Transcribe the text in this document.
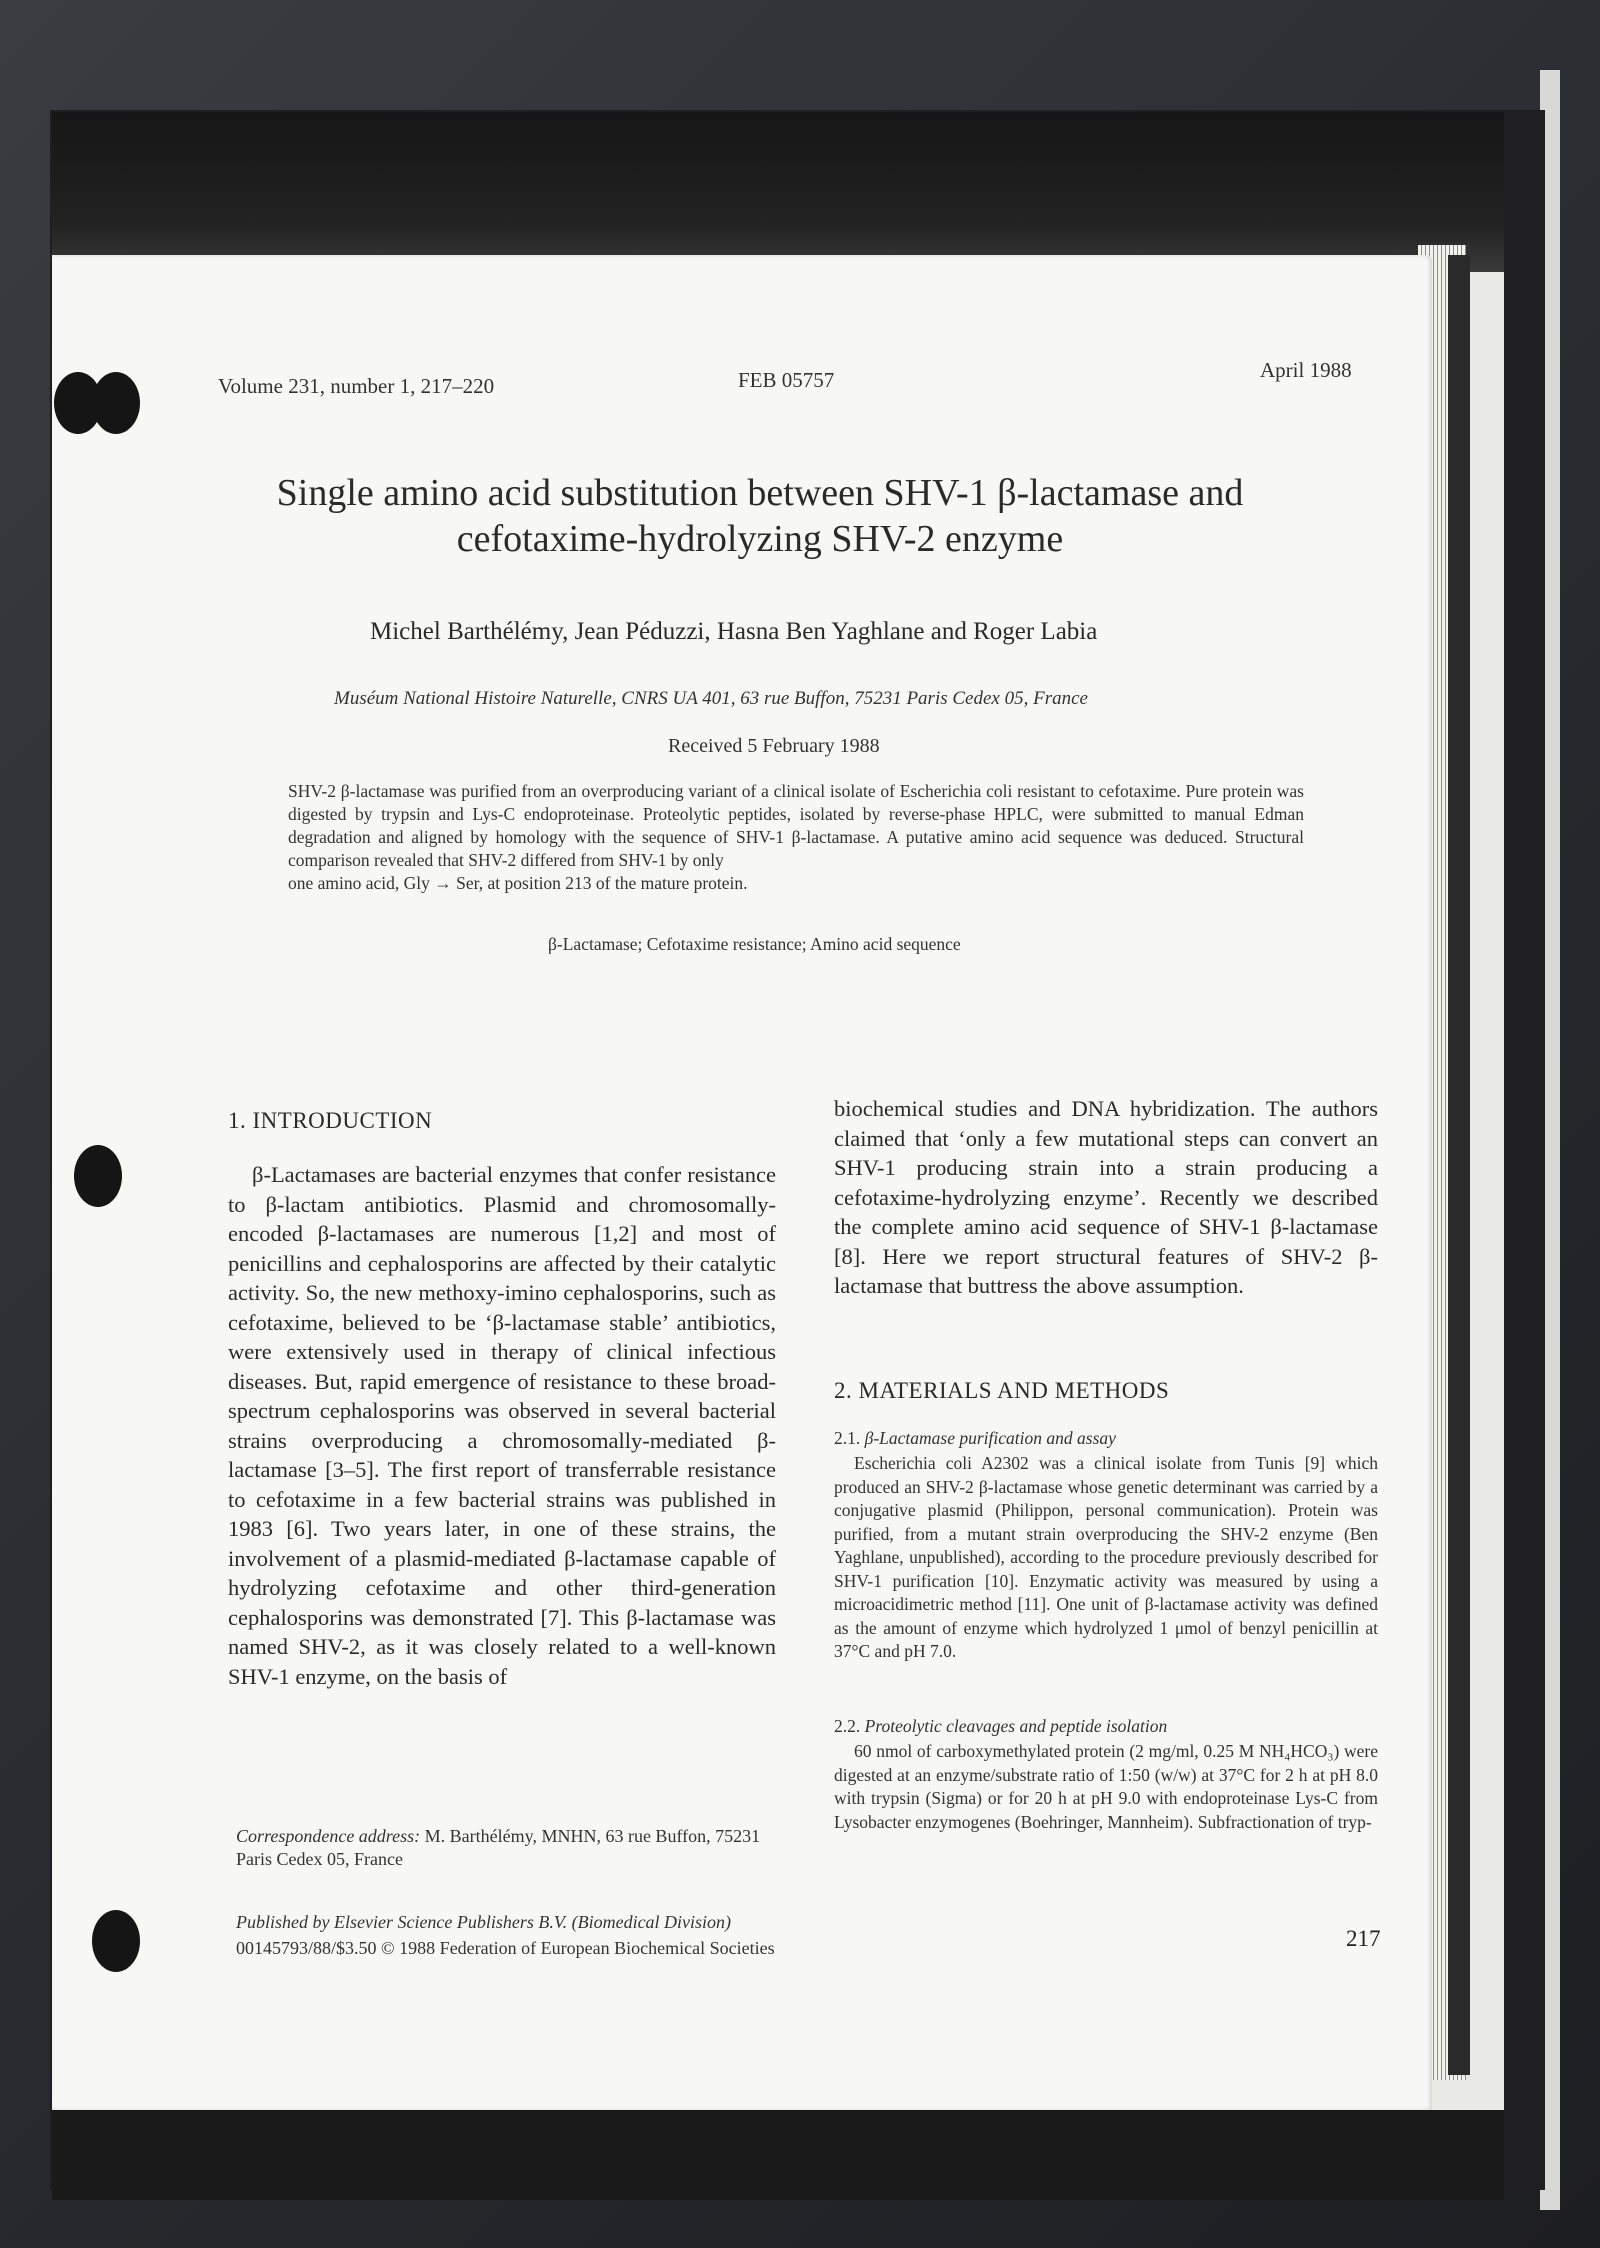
Volume 231, number 1, 217–220	FEB 05757	April 1988
Single amino acid substitution between SHV-1 β-lactamase and
cefotaxime-hydrolyzing SHV-2 enzyme
Michel Barthélémy, Jean Péduzzi, Hasna Ben Yaghlane and Roger Labia
Muséum National Histoire Naturelle, CNRS UA 401, 63 rue Buffon, 75231 Paris Cedex 05, France
Received 5 February 1988
SHV-2 β-lactamase was purified from an overproducing variant of a clinical isolate of Escherichia coli resistant to cefotaxime. Pure protein was digested by trypsin and Lys-C endoproteinase. Proteolytic peptides, isolated by reverse-phase HPLC, were submitted to manual Edman degradation and aligned by homology with the sequence of SHV-1 β-lactamase. A putative amino acid sequence was deduced. Structural comparison revealed that SHV-2 differed from SHV-1 by only
one amino acid, Gly → Ser, at position 213 of the mature protein.
β-Lactamase; Cefotaxime resistance; Amino acid sequence
1. INTRODUCTION
β-Lactamases are bacterial enzymes that confer resistance to β-lactam antibiotics. Plasmid and chromosomally-encoded β-lactamases are numerous [1,2] and most of penicillins and cephalosporins are affected by their catalytic activity. So, the new methoxy-imino cephalosporins, such as cefotaxime, believed to be ‘β-lactamase stable’ antibiotics, were extensively used in therapy of clinical infectious diseases. But, rapid emergence of resistance to these broad-spectrum cephalosporins was observed in several bacterial strains overproducing a chromosomally-mediated β-lactamase [3–5]. The first report of transferrable resistance to cefotaxime in a few bacterial strains was published in 1983 [6]. Two years later, in one of these strains, the involvement of a plasmid-mediated β-lactamase capable of hydrolyzing cefotaxime and other third-generation cephalosporins was demonstrated [7]. This β-lactamase was named SHV-2, as it was closely related to a well-known SHV-1 enzyme, on the basis of
Correspondence address: M. Barthélémy, MNHN, 63 rue Buffon, 75231 Paris Cedex 05, France
biochemical studies and DNA hybridization. The authors claimed that ‘only a few mutational steps can convert an SHV-1 producing strain into a strain producing a cefotaxime-hydrolyzing enzyme’. Recently we described the complete amino acid sequence of SHV-1 β-lactamase [8]. Here we report structural features of SHV-2 β-lactamase that buttress the above assumption.
2. MATERIALS AND METHODS
2.1. β-Lactamase purification and assay
Escherichia coli A2302 was a clinical isolate from Tunis [9] which produced an SHV-2 β-lactamase whose genetic determinant was carried by a conjugative plasmid (Philippon, personal communication). Protein was purified, from a mutant strain overproducing the SHV-2 enzyme (Ben Yaghlane, unpublished), according to the procedure previously described for SHV-1 purification [10]. Enzymatic activity was measured by using a microacidimetric method [11]. One unit of β-lactamase activity was defined as the amount of enzyme which hydrolyzed 1 μmol of benzyl penicillin at 37°C and pH 7.0.
2.2. Proteolytic cleavages and peptide isolation
60 nmol of carboxymethylated protein (2 mg/ml, 0.25 M NH₄HCO₃) were digested at an enzyme/substrate ratio of 1:50 (w/w) at 37°C for 2 h at pH 8.0 with trypsin (Sigma) or for 20 h at pH 9.0 with endoproteinase Lys-C from Lysobacter enzymogenes (Boehringer, Mannheim). Subfractionation of tryp-
Published by Elsevier Science Publishers B.V. (Biomedical Division)
00145793/88/$3.50 © 1988 Federation of European Biochemical Societies	217
